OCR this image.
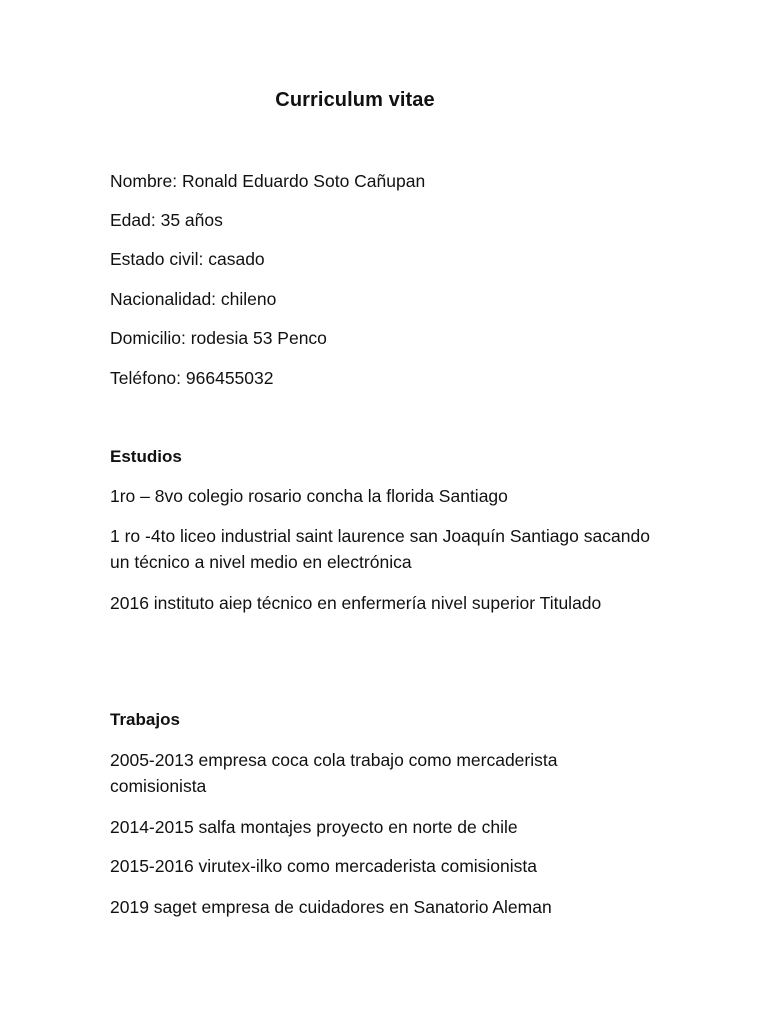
Curriculum vitae
Nombre: Ronald Eduardo Soto Cañupan
Edad: 35 años
Estado civil: casado
Nacionalidad: chileno
Domicilio: rodesia 53 Penco
Teléfono: 966455032
Estudios
1ro – 8vo colegio rosario concha la florida Santiago
1 ro -4to liceo industrial saint laurence san Joaquín Santiago sacando un técnico a nivel medio en electrónica
2016 instituto aiep técnico en enfermería nivel superior Titulado
Trabajos
2005-2013 empresa coca cola trabajo como mercaderista comisionista
2014-2015 salfa montajes proyecto en norte de chile
2015-2016 virutex-ilko como mercaderista comisionista
2019 saget empresa de cuidadores en Sanatorio Aleman
